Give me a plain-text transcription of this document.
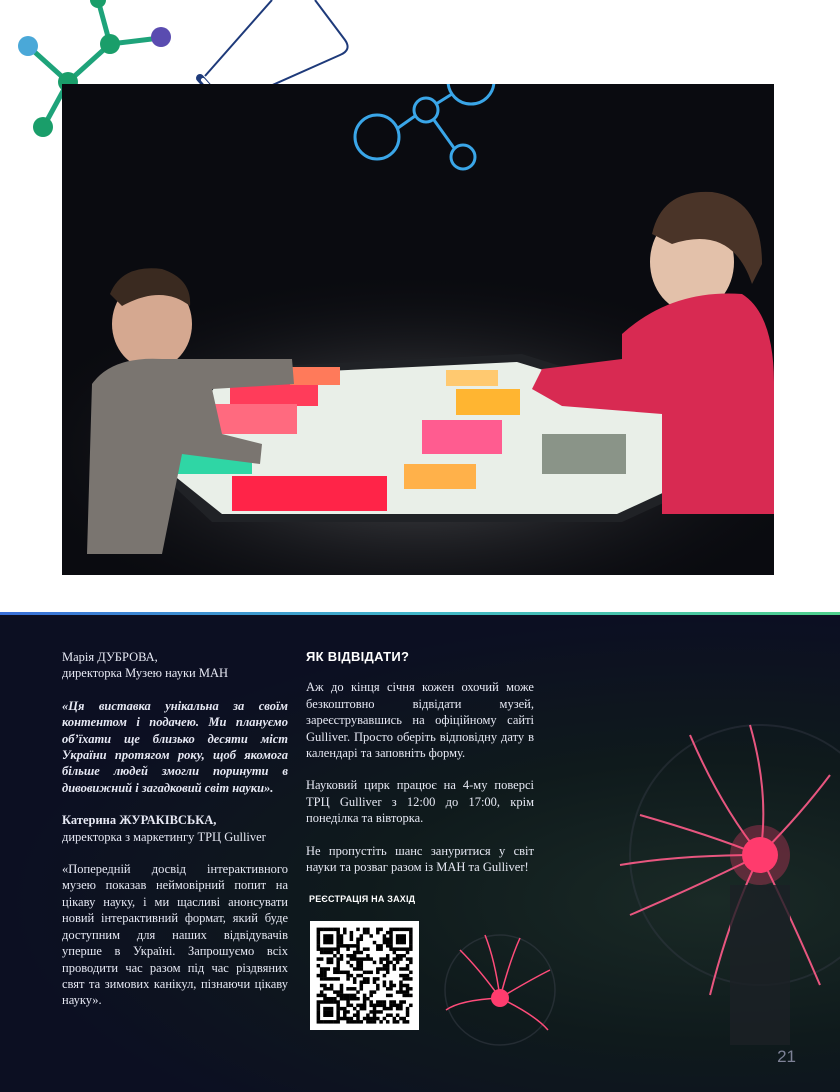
Марія ДУБРОВА,
директорка Музею науки МАН

«Ця виставка унікальна за своїм контентом і подачею. Ми плануємо об’їхати ще близько десяти міст України протягом року, щоб якомога більше людей змогли поринути в дивовижний і загадковий світ науки».

Катерина ЖУРАКІВСЬКА,
директорка з маркетингу ТРЦ Gulliver

«Попередній досвід інтерактивного музею показав неймовірний попит на цікаву науку, і ми щасливі анонсувати новий інтерактивний формат, який буде доступним для наших відвідувачів уперше в Україні. Запрошуємо всіх проводити час разом під час різдвяних свят та зимових канікул, пізнаючи цікаву науку».

ЯК ВІДВІДАТИ?

Аж до кінця січня кожен охочий може безкоштовно відвідати музей, зареєструвавшись на офіційному сайті Gulliver. Просто оберіть відповідну дату в календарі та заповніть форму.

Науковий цирк працює на 4-му поверсі ТРЦ Gulliver з 12:00 до 17:00, крім понеділка та вівторка.

Не пропустіть шанс зануритися у світ науки та розваг разом із МАН та Gulliver!

РЕЄСТРАЦІЯ НА ЗАХІД
21
